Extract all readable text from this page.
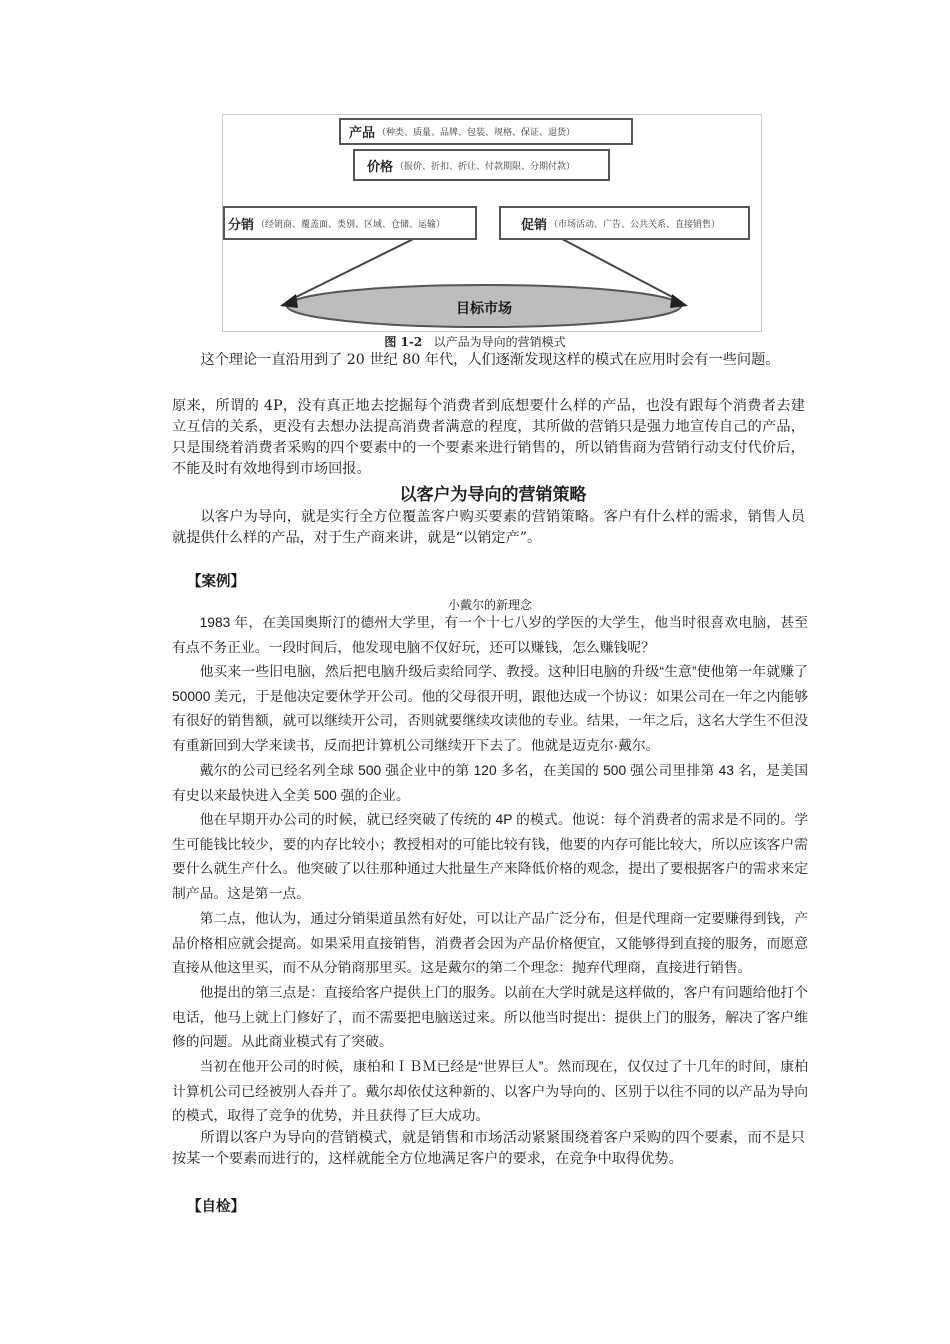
产品 （种类、质量、品牌、包装、规格、保证、退货）
价格 （报价、折扣、折让、付款期限、分期付款）
分销 （经销商、覆盖面、类别、区域、仓储、运输）	促销 （市场活动、广告、公共关系、直接销售）
目标市场
图 1-2 以产品为导向的营销模式

这个理论一直沿用到了 20 世纪 80 年代，人们逐渐发现这样的模式在应用时会有一些问题。

原来，所谓的 4P，没有真正地去挖掘每个消费者到底想要什么样的产品，也没有跟每个消费者去建立互信的关系，更没有去想办法提高消费者满意的程度，其所做的营销只是强力地宣传自己的产品，只是围绕着消费者采购的四个要素中的一个要素来进行销售的，所以销售商为营销行动支付代价后，不能及时有效地得到市场回报。

以客户为导向的营销策略

以客户为导向，就是实行全方位覆盖客户购买要素的营销策略。客户有什么样的需求，销售人员就提供什么样的产品，对于生产商来讲，就是“以销定产”。

【案例】

小戴尔的新理念

1983 年，在美国奥斯汀的德州大学里，有一个十七八岁的学医的大学生，他当时很喜欢电脑，甚至有点不务正业。一段时间后，他发现电脑不仅好玩，还可以赚钱，怎么赚钱呢？

他买来一些旧电脑，然后把电脑升级后卖给同学、教授。这种旧电脑的升级“生意”使他第一年就赚了 50000 美元，于是他决定要休学开公司。他的父母很开明，跟他达成一个协议：如果公司在一年之内能够有很好的销售额，就可以继续开公司，否则就要继续攻读他的专业。结果，一年之后，这名大学生不但没有重新回到大学来读书，反而把计算机公司继续开下去了。他就是迈克尔·戴尔。

戴尔的公司已经名列全球 500 强企业中的第 120 多名，在美国的 500 强公司里排第 43 名，是美国有史以来最快进入全美 500 强的企业。

他在早期开办公司的时候，就已经突破了传统的 4P 的模式。他说：每个消费者的需求是不同的。学生可能钱比较少，要的内存比较小；教授相对的可能比较有钱，他要的内存可能比较大，所以应该客户需要什么就生产什么。他突破了以往那种通过大批量生产来降低价格的观念，提出了要根据客户的需求来定制产品。这是第一点。

第二点，他认为，通过分销渠道虽然有好处，可以让产品广泛分布，但是代理商一定要赚得到钱，产品价格相应就会提高。如果采用直接销售，消费者会因为产品价格便宜，又能够得到直接的服务，而愿意直接从他这里买，而不从分销商那里买。这是戴尔的第二个理念：抛弃代理商，直接进行销售。

他提出的第三点是：直接给客户提供上门的服务。以前在大学时就是这样做的，客户有问题给他打个电话，他马上就上门修好了，而不需要把电脑送过来。所以他当时提出：提供上门的服务，解决了客户维修的问题。从此商业模式有了突破。

当初在他开公司的时候，康柏和ＩＢＭ已经是“世界巨人”。然而现在，仅仅过了十几年的时间，康柏计算机公司已经被别人吞并了。戴尔却依仗这种新的、以客户为导向的、区别于以往不同的以产品为导向的模式，取得了竞争的优势，并且获得了巨大成功。

所谓以客户为导向的营销模式，就是销售和市场活动紧紧围绕着客户采购的四个要素，而不是只按某一个要素而进行的，这样就能全方位地满足客户的要求，在竞争中取得优势。

【自检】
